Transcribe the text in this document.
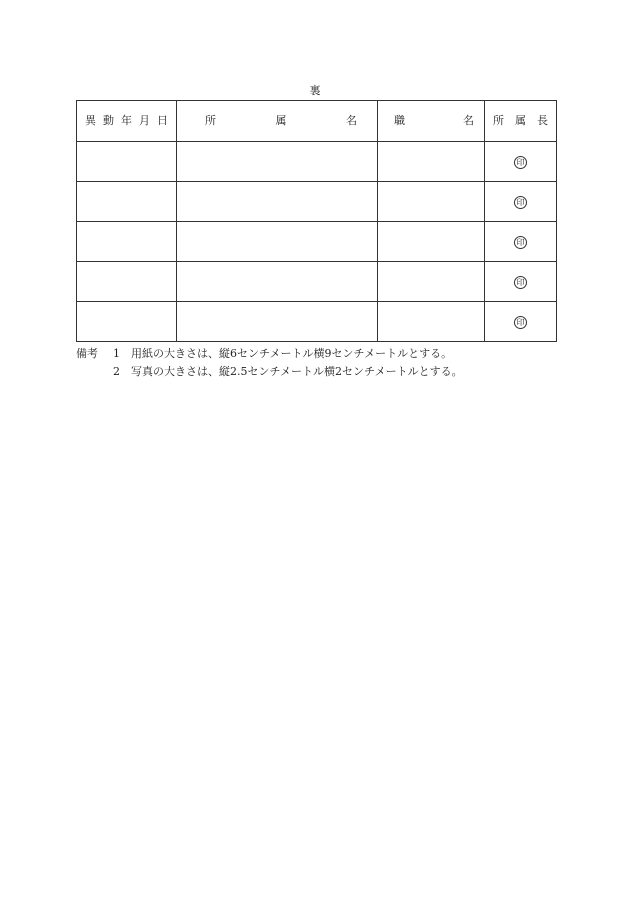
裏
異 動 年 月 日	所 属 名	職 名	所 属 長

			印
			印
			印
			印
			印
備考	1	用紙の大きさは、縦6センチメートル横9センチメートルとする。
2	写真の大きさは、縦2.5センチメートル横2センチメートルとする。
